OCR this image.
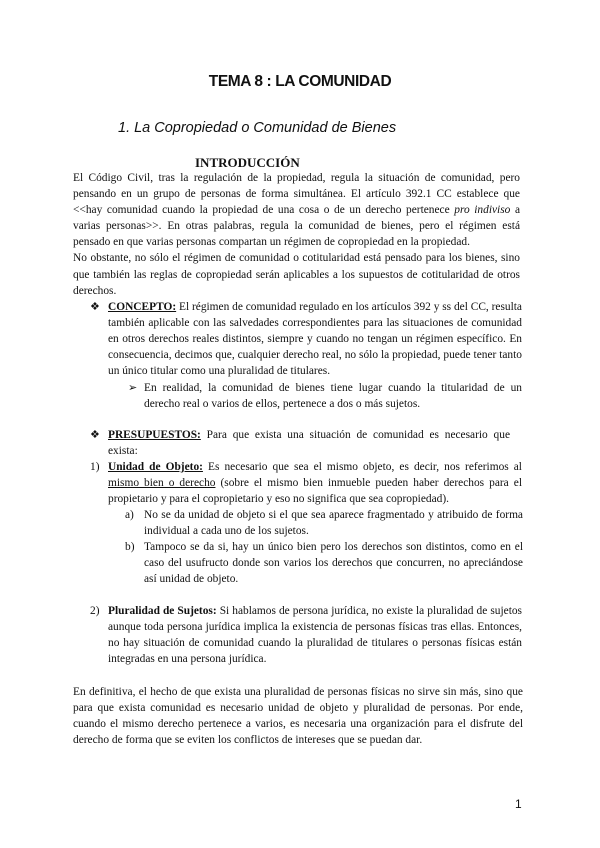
TEMA 8 : LA COMUNIDAD
1. La Copropiedad o Comunidad de Bienes
INTRODUCCIÓN
El Código Civil, tras la regulación de la propiedad, regula la situación de comunidad, pero pensando en un grupo de personas de forma simultánea. El artículo 392.1 CC establece que <<hay comunidad cuando la propiedad de una cosa o de un derecho pertenece pro indiviso a varias personas>>. En otras palabras, regula la comunidad de bienes, pero el régimen está pensado en que varias personas compartan un régimen de copropiedad en la propiedad.
No obstante, no sólo el régimen de comunidad o cotitularidad está pensado para los bienes, sino que también las reglas de copropiedad serán aplicables a los supuestos de cotitularidad de otros derechos.
❖ CONCEPTO: El régimen de comunidad regulado en los artículos 392 y ss del CC, resulta también aplicable con las salvedades correspondientes para las situaciones de comunidad en otros derechos reales distintos, siempre y cuando no tengan un régimen específico. En consecuencia, decimos que, cualquier derecho real, no sólo la propiedad, puede tener tanto un único titular como una pluralidad de titulares.
➢ En realidad, la comunidad de bienes tiene lugar cuando la titularidad de un derecho real o varios de ellos, pertenece a dos o más sujetos.
❖ PRESUPUESTOS: Para que exista una situación de comunidad es necesario que exista:
1) Unidad de Objeto: Es necesario que sea el mismo objeto, es decir, nos referimos al mismo bien o derecho (sobre el mismo bien inmueble pueden haber derechos para el propietario y para el copropietario y eso no significa que sea copropiedad).
a) No se da unidad de objeto si el que sea aparece fragmentado y atribuido de forma individual a cada uno de los sujetos.
b) Tampoco se da si, hay un único bien pero los derechos son distintos, como en el caso del usufructo donde son varios los derechos que concurren, no apreciándose así unidad de objeto.
2) Pluralidad de Sujetos: Si hablamos de persona jurídica, no existe la pluralidad de sujetos aunque toda persona jurídica implica la existencia de personas físicas tras ellas. Entonces, no hay situación de comunidad cuando la pluralidad de titulares o personas físicas están integradas en una persona jurídica.
En definitiva, el hecho de que exista una pluralidad de personas físicas no sirve sin más, sino que para que exista comunidad es necesario unidad de objeto y pluralidad de personas. Por ende, cuando el mismo derecho pertenece a varios, es necesaria una organización para el disfrute del derecho de forma que se eviten los conflictos de intereses que se puedan dar.
1
